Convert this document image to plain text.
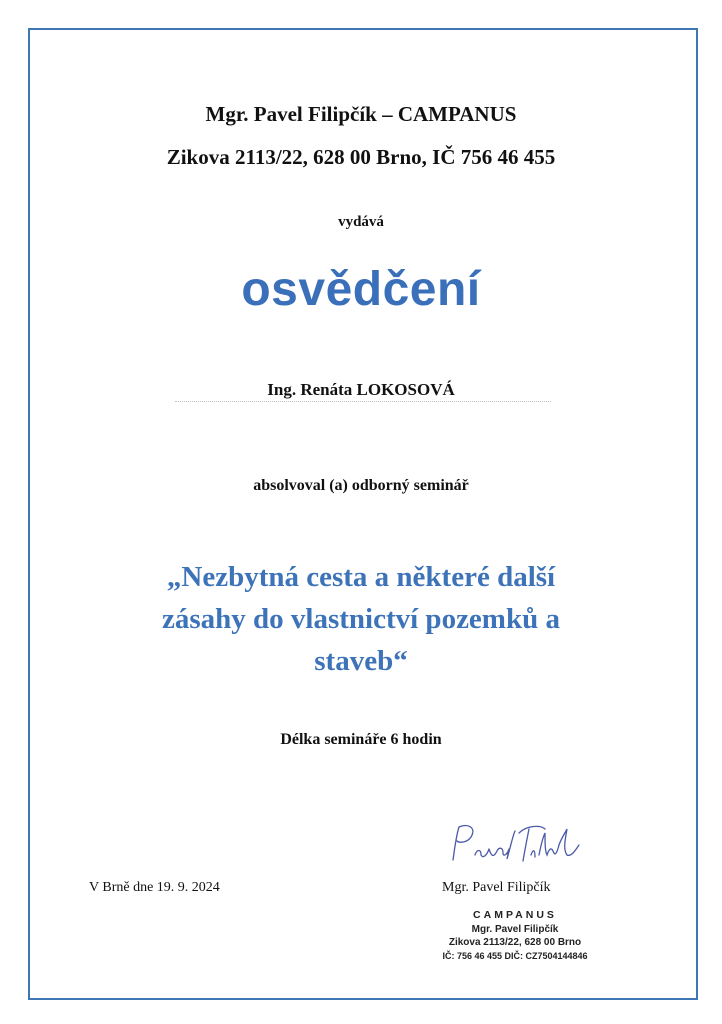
Mgr. Pavel Filipčík – CAMPANUS
Zikova 2113/22, 628 00 Brno, IČ 756 46 455
vydává
osvědčení
Ing. Renáta LOKOSOVÁ
absolvoval (a) odborný seminář
„Nezbytná cesta a některé další
zásahy do vlastnictví pozemků a
staveb“
Délka semináře 6 hodin
V Brně dne 19. 9. 2024	Mgr. Pavel Filipčík
CAMPANUS
Mgr. Pavel Filipčík
Zikova 2113/22, 628 00 Brno
IČ: 756 46 455 DIČ: CZ7504144846
